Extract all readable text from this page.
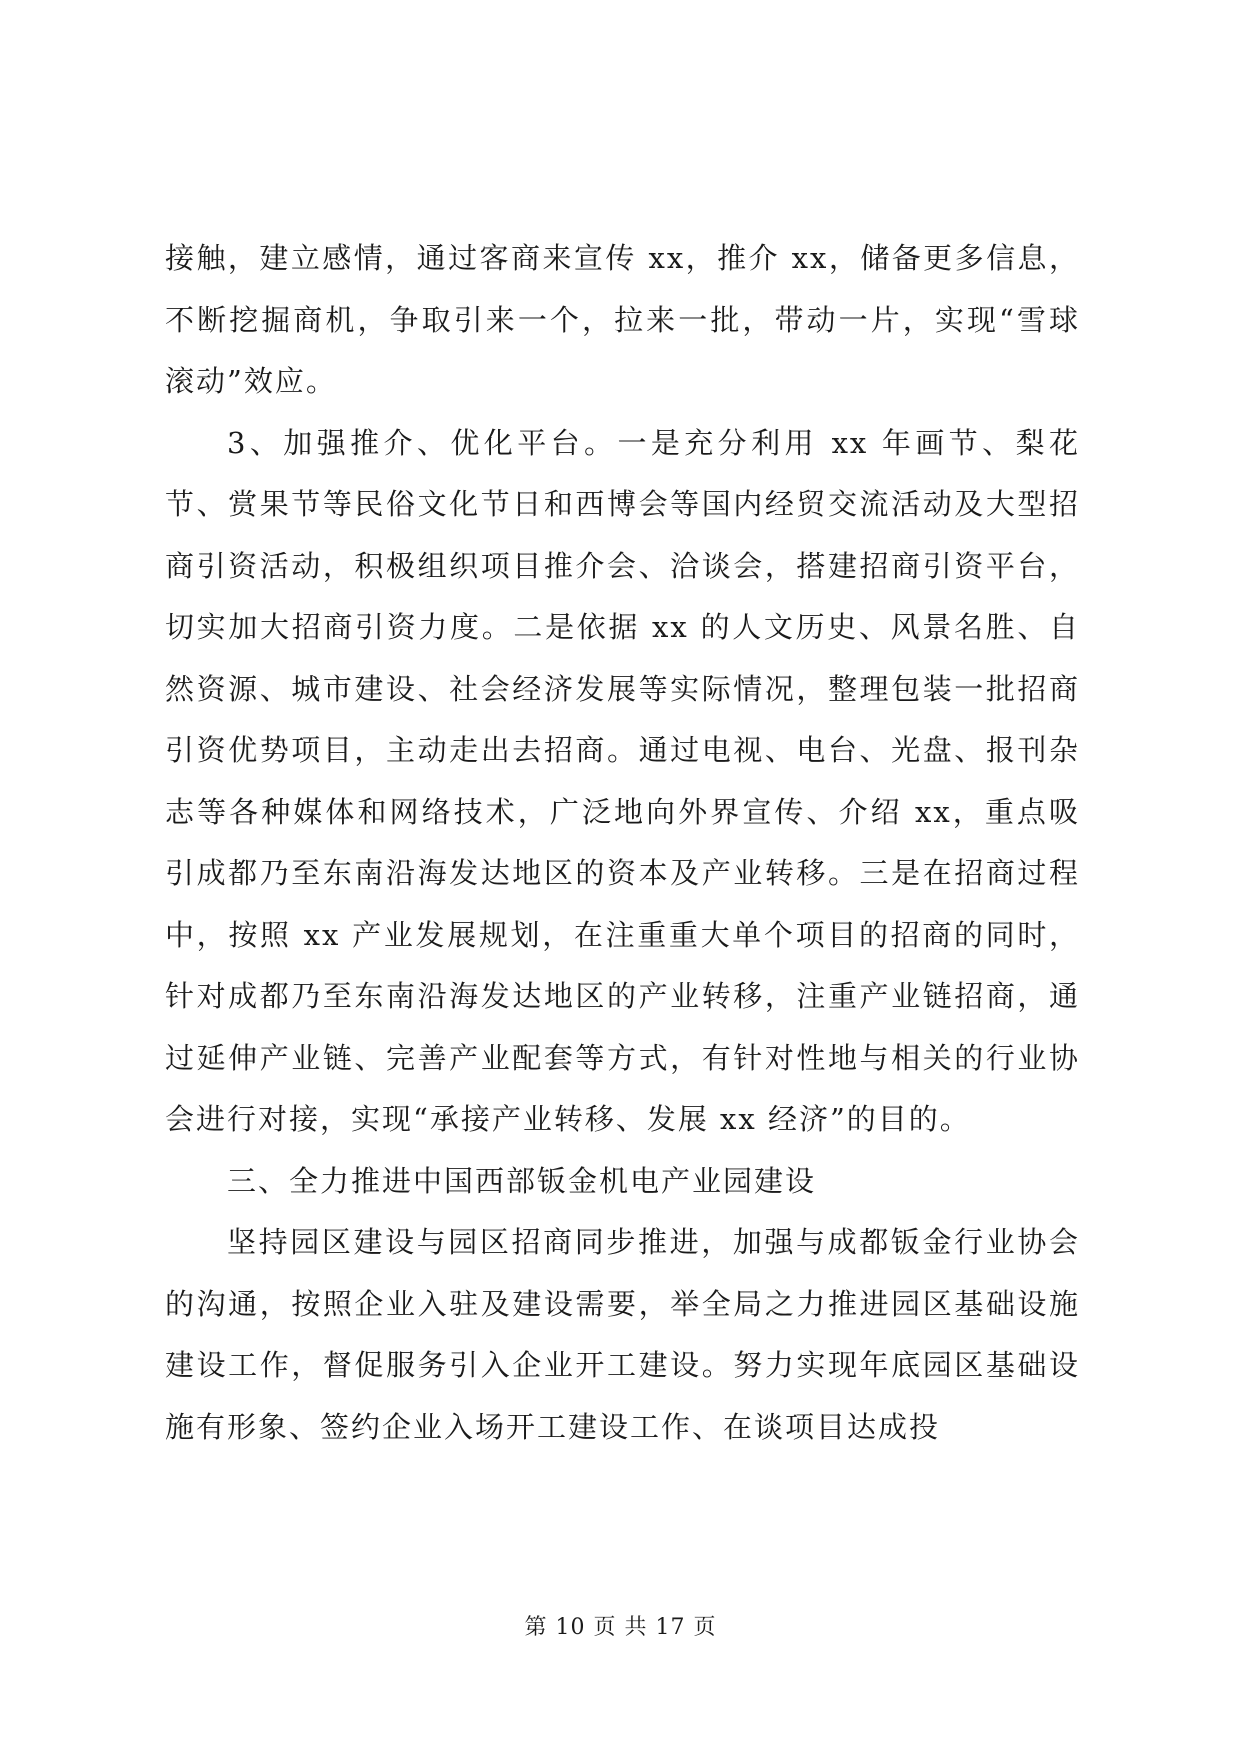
接触，建立感情，通过客商来宣传 xx，推介 xx，储备更多信息，不断挖掘商机，争取引来一个，拉来一批，带动一片，实现“雪球滚动”效应。

3、加强推介、优化平台。一是充分利用 xx 年画节、梨花节、赏果节等民俗文化节日和西博会等国内经贸交流活动及大型招商引资活动，积极组织项目推介会、洽谈会，搭建招商引资平台，切实加大招商引资力度。二是依据 xx 的人文历史、风景名胜、自然资源、城市建设、社会经济发展等实际情况，整理包装一批招商引资优势项目，主动走出去招商。通过电视、电台、光盘、报刊杂志等各种媒体和网络技术，广泛地向外界宣传、介绍 xx，重点吸引成都乃至东南沿海发达地区的资本及产业转移。三是在招商过程中，按照 xx 产业发展规划，在注重重大单个项目的招商的同时，针对成都乃至东南沿海发达地区的产业转移，注重产业链招商，通过延伸产业链、完善产业配套等方式，有针对性地与相关的行业协会进行对接，实现“承接产业转移、发展 xx 经济”的目的。

三、全力推进中国西部钣金机电产业园建设

坚持园区建设与园区招商同步推进，加强与成都钣金行业协会的沟通，按照企业入驻及建设需要，举全局之力推进园区基础设施建设工作，督促服务引入企业开工建设。努力实现年底园区基础设施有形象、签约企业入场开工建设工作、在谈项目达成投

第 10 页 共 17 页
